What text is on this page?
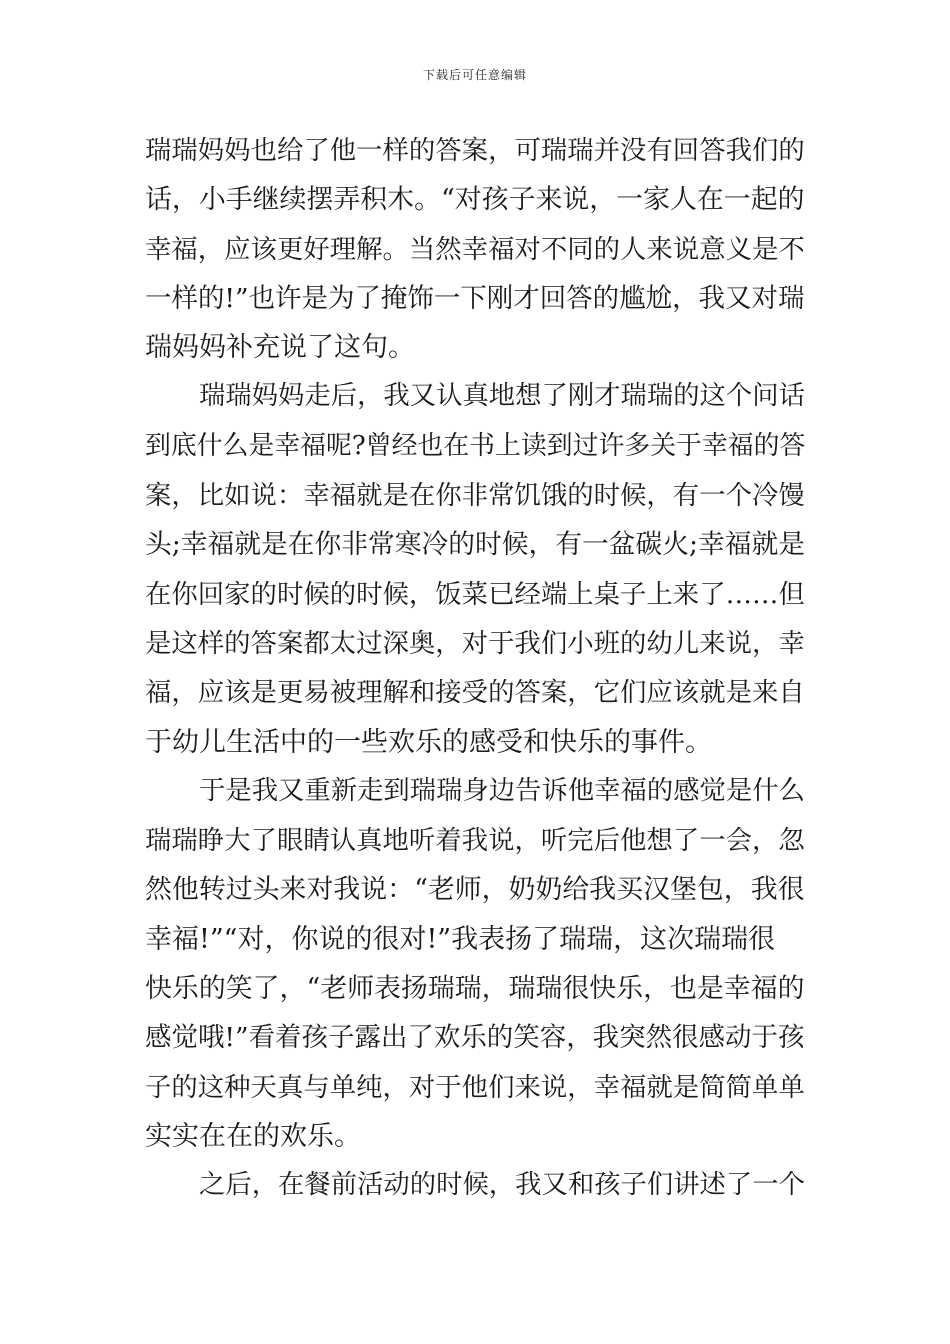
下载后可任意编辑
瑞瑞妈妈也给了他一样的答案，可瑞瑞并没有回答我们的
话，小手继续摆弄积木。“对孩子来说，一家人在一起的
幸福，应该更好理解。当然幸福对不同的人来说意义是不
一样的!”也许是为了掩饰一下刚才回答的尴尬，我又对瑞
瑞妈妈补充说了这句。
瑞瑞妈妈走后，我又认真地想了刚才瑞瑞的这个问话
到底什么是幸福呢?曾经也在书上读到过许多关于幸福的答
案，比如说：幸福就是在你非常饥饿的时候，有一个冷馒
头;幸福就是在你非常寒冷的时候，有一盆碳火;幸福就是
在你回家的时候的时候，饭菜已经端上桌子上来了……但
是这样的答案都太过深奥，对于我们小班的幼儿来说，幸
福，应该是更易被理解和接受的答案，它们应该就是来自
于幼儿生活中的一些欢乐的感受和快乐的事件。
于是我又重新走到瑞瑞身边告诉他幸福的感觉是什么
瑞瑞睁大了眼睛认真地听着我说，听完后他想了一会，忽
然他转过头来对我说：“老师，奶奶给我买汉堡包，我很
幸福!”“对，你说的很对!”我表扬了瑞瑞，这次瑞瑞很
快乐的笑了，“老师表扬瑞瑞，瑞瑞很快乐，也是幸福的
感觉哦!”看着孩子露出了欢乐的笑容，我突然很感动于孩
子的这种天真与单纯，对于他们来说，幸福就是简简单单
实实在在的欢乐。
之后，在餐前活动的时候，我又和孩子们讲述了一个
